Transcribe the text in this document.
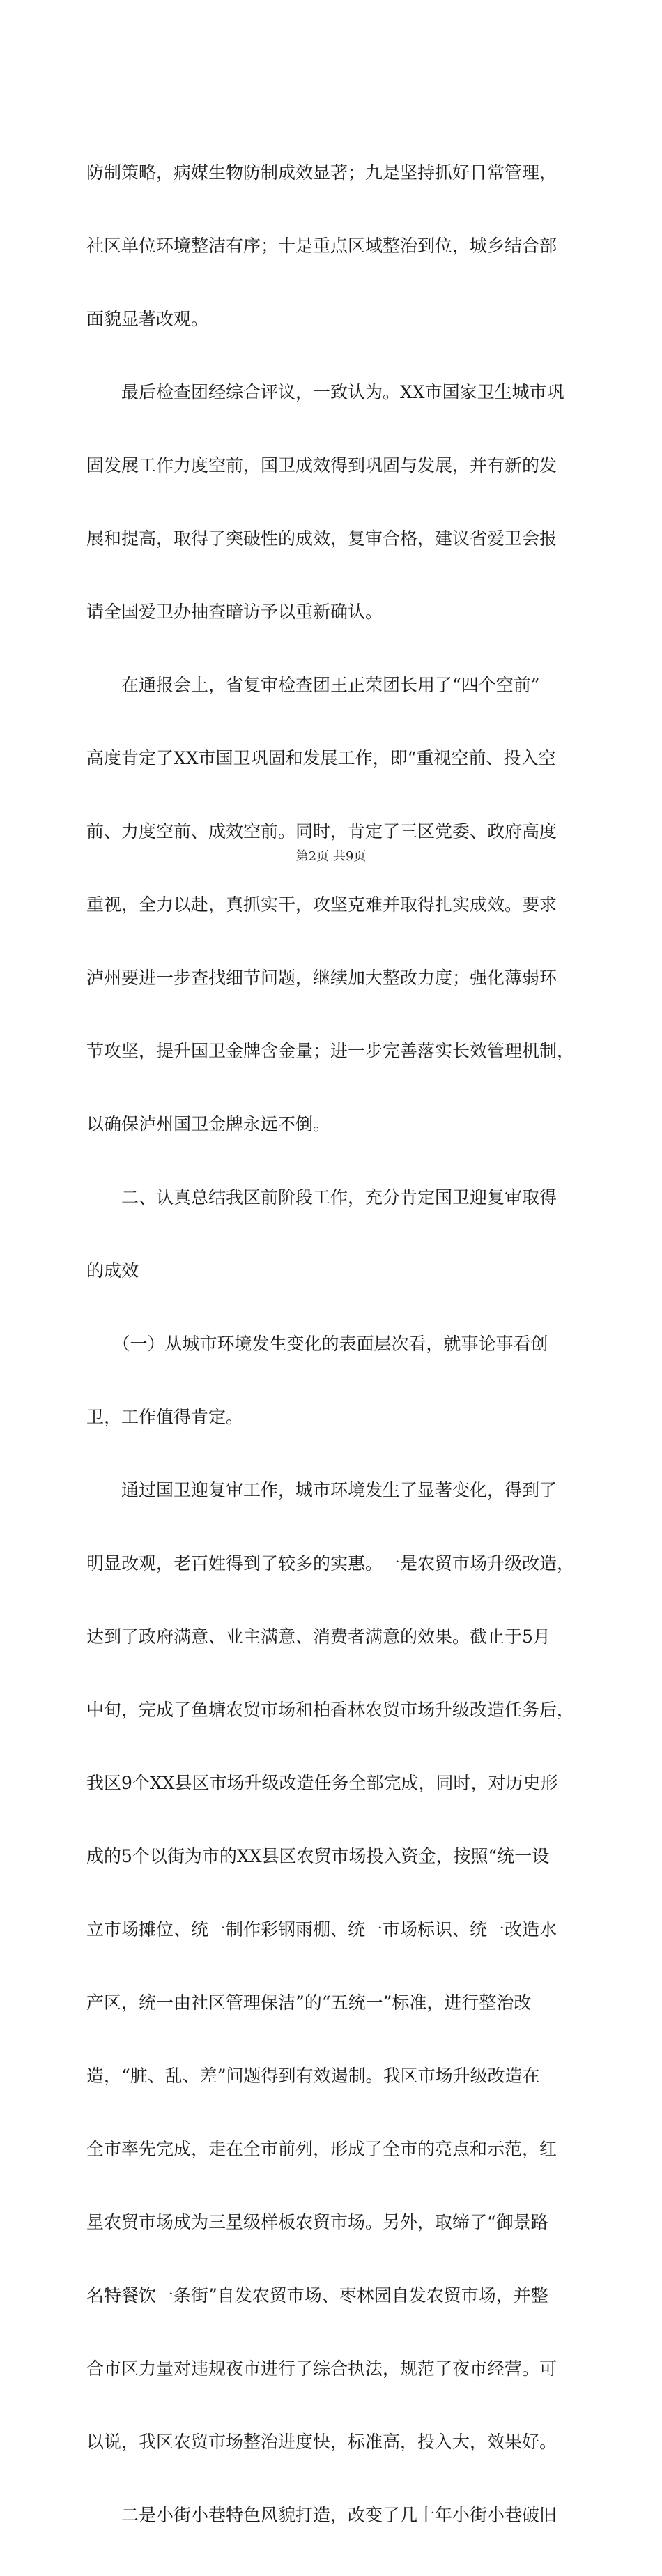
防制策略，病媒生物防制成效显著；九是坚持抓好日常管理，

社区单位环境整洁有序；十是重点区域整治到位，城乡结合部

面貌显著改观。

　　最后检查团经综合评议，一致认为。XX市国家卫生城市巩

固发展工作力度空前，国卫成效得到巩固与发展，并有新的发

展和提高，取得了突破性的成效，复审合格，建议省爱卫会报

请全国爱卫办抽查暗访予以重新确认。

　　在通报会上，省复审检查团王正荣团长用了“四个空前”

高度肯定了XX市国卫巩固和发展工作，即“重视空前、投入空

前、力度空前、成效空前。同时，肯定了三区党委、政府高度

重视，全力以赴，真抓实干，攻坚克难并取得扎实成效。要求

泸州要进一步查找细节问题，继续加大整改力度；强化薄弱环

节攻坚，提升国卫金牌含金量；进一步完善落实长效管理机制，

以确保泸州国卫金牌永远不倒。

　　二、认真总结我区前阶段工作，充分肯定国卫迎复审取得

的成效

　　（一）从城市环境发生变化的表面层次看，就事论事看创

卫，工作值得肯定。

　　通过国卫迎复审工作，城市环境发生了显著变化，得到了

明显改观，老百姓得到了较多的实惠。一是农贸市场升级改造，

达到了政府满意、业主满意、消费者满意的效果。截止于5月

中旬，完成了鱼塘农贸市场和柏香林农贸市场升级改造任务后，

我区9个XX县区市场升级改造任务全部完成，同时，对历史形

成的5个以街为市的XX县区农贸市场投入资金，按照“统一设

立市场摊位、统一制作彩钢雨棚、统一市场标识、统一改造水

产区，统一由社区管理保洁”的“五统一”标准，进行整治改

造，“脏、乱、差”问题得到有效遏制。我区市场升级改造在

全市率先完成，走在全市前列，形成了全市的亮点和示范，红

星农贸市场成为三星级样板农贸市场。另外，取缔了“御景路

名特餐饮一条街”自发农贸市场、枣林园自发农贸市场，并整

合市区力量对违规夜市进行了综合执法，规范了夜市经营。可

以说，我区农贸市场整治进度快，标准高，投入大，效果好。

　　二是小街小巷特色风貌打造，改变了几十年小街小巷破旧

第2页 共9页
